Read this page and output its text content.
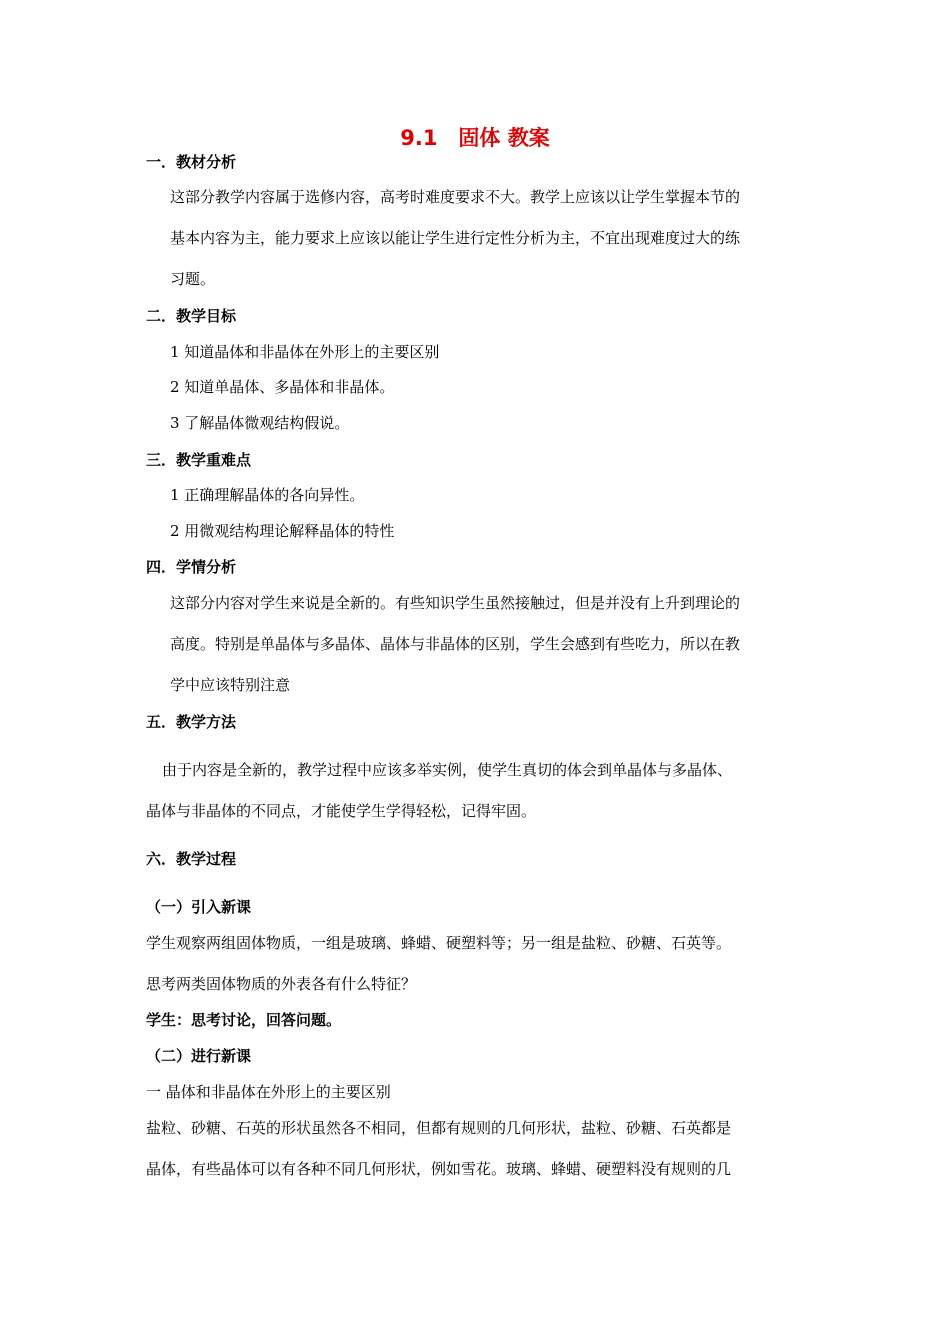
9.1　固体 教案
一．教材分析
这部分教学内容属于选修内容，高考时难度要求不大。教学上应该以让学生掌握本节的
基本内容为主，能力要求上应该以能让学生进行定性分析为主，不宜出现难度过大的练
习题。
二．教学目标
1 知道晶体和非晶体在外形上的主要区别
2 知道单晶体、多晶体和非晶体。
3 了解晶体微观结构假说。
三．教学重难点
1 正确理解晶体的各向异性。
2 用微观结构理论解释晶体的特性
四．学情分析
这部分内容对学生来说是全新的。有些知识学生虽然接触过，但是并没有上升到理论的
高度。特别是单晶体与多晶体、晶体与非晶体的区别，学生会感到有些吃力，所以在教
学中应该特别注意
五．教学方法
由于内容是全新的，教学过程中应该多举实例，使学生真切的体会到单晶体与多晶体、
晶体与非晶体的不同点，才能使学生学得轻松，记得牢固。
六．教学过程
（一）引入新课
学生观察两组固体物质，一组是玻璃、蜂蜡、硬塑料等；另一组是盐粒、砂糖、石英等。
思考两类固体物质的外表各有什么特征？
学生：思考讨论，回答问题。
（二）进行新课
一 晶体和非晶体在外形上的主要区别
盐粒、砂糖、石英的形状虽然各不相同，但都有规则的几何形状，盐粒、砂糖、石英都是
晶体，有些晶体可以有各种不同几何形状，例如雪花。玻璃、蜂蜡、硬塑料没有规则的几
